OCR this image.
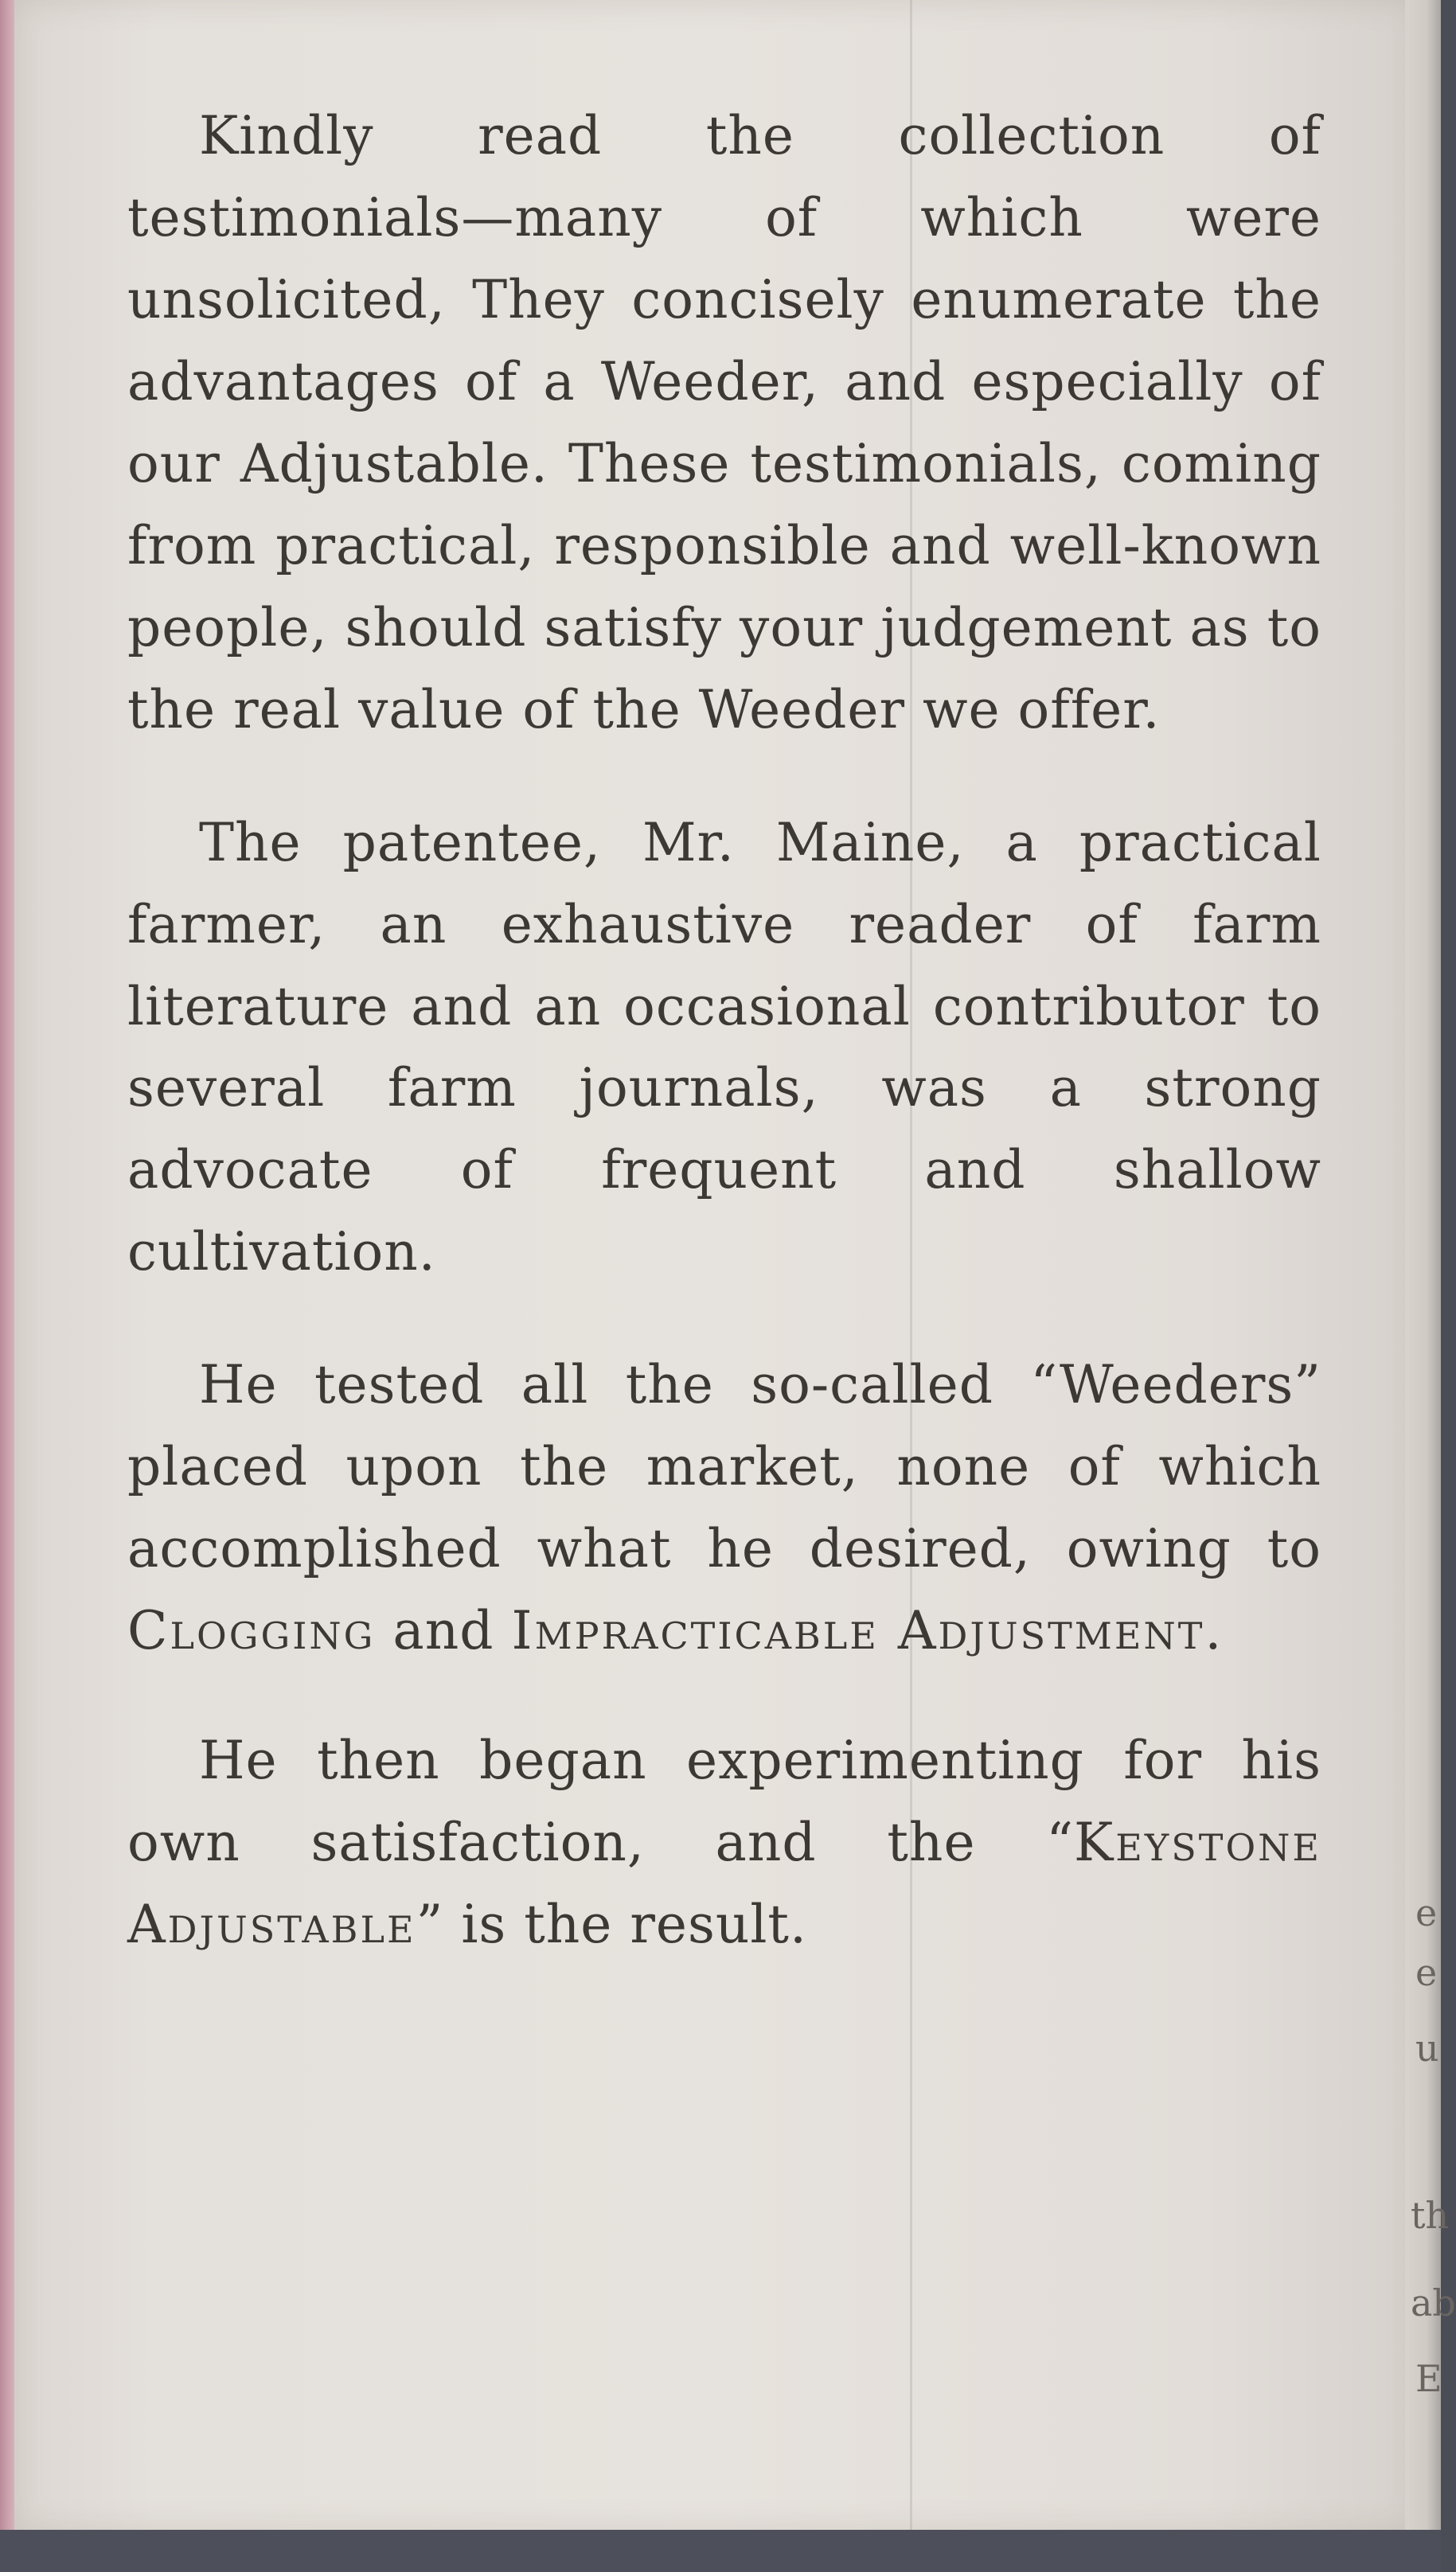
e
e
u
th
ab
E

Kindly read the collection of testimonials—many of which were unsolicited, They concisely enumerate the advantages of a Weeder, and especially of our Adjustable. These testimonials, coming from practical, responsible and well-known people, should satisfy your judgement as to the real value of the Weeder we offer.

The patentee, Mr. Maine, a practical farmer, an exhaustive reader of farm literature and an occasional contributor to several farm journals, was a strong advocate of frequent and shallow cultivation.

He tested all the so-called “Weeders” placed upon the market, none of which accomplished what he desired, owing to Clogging and Impracticable Adjustment.

He then began experimenting for his own satisfaction, and the “Keystone Adjustable” is the result.
